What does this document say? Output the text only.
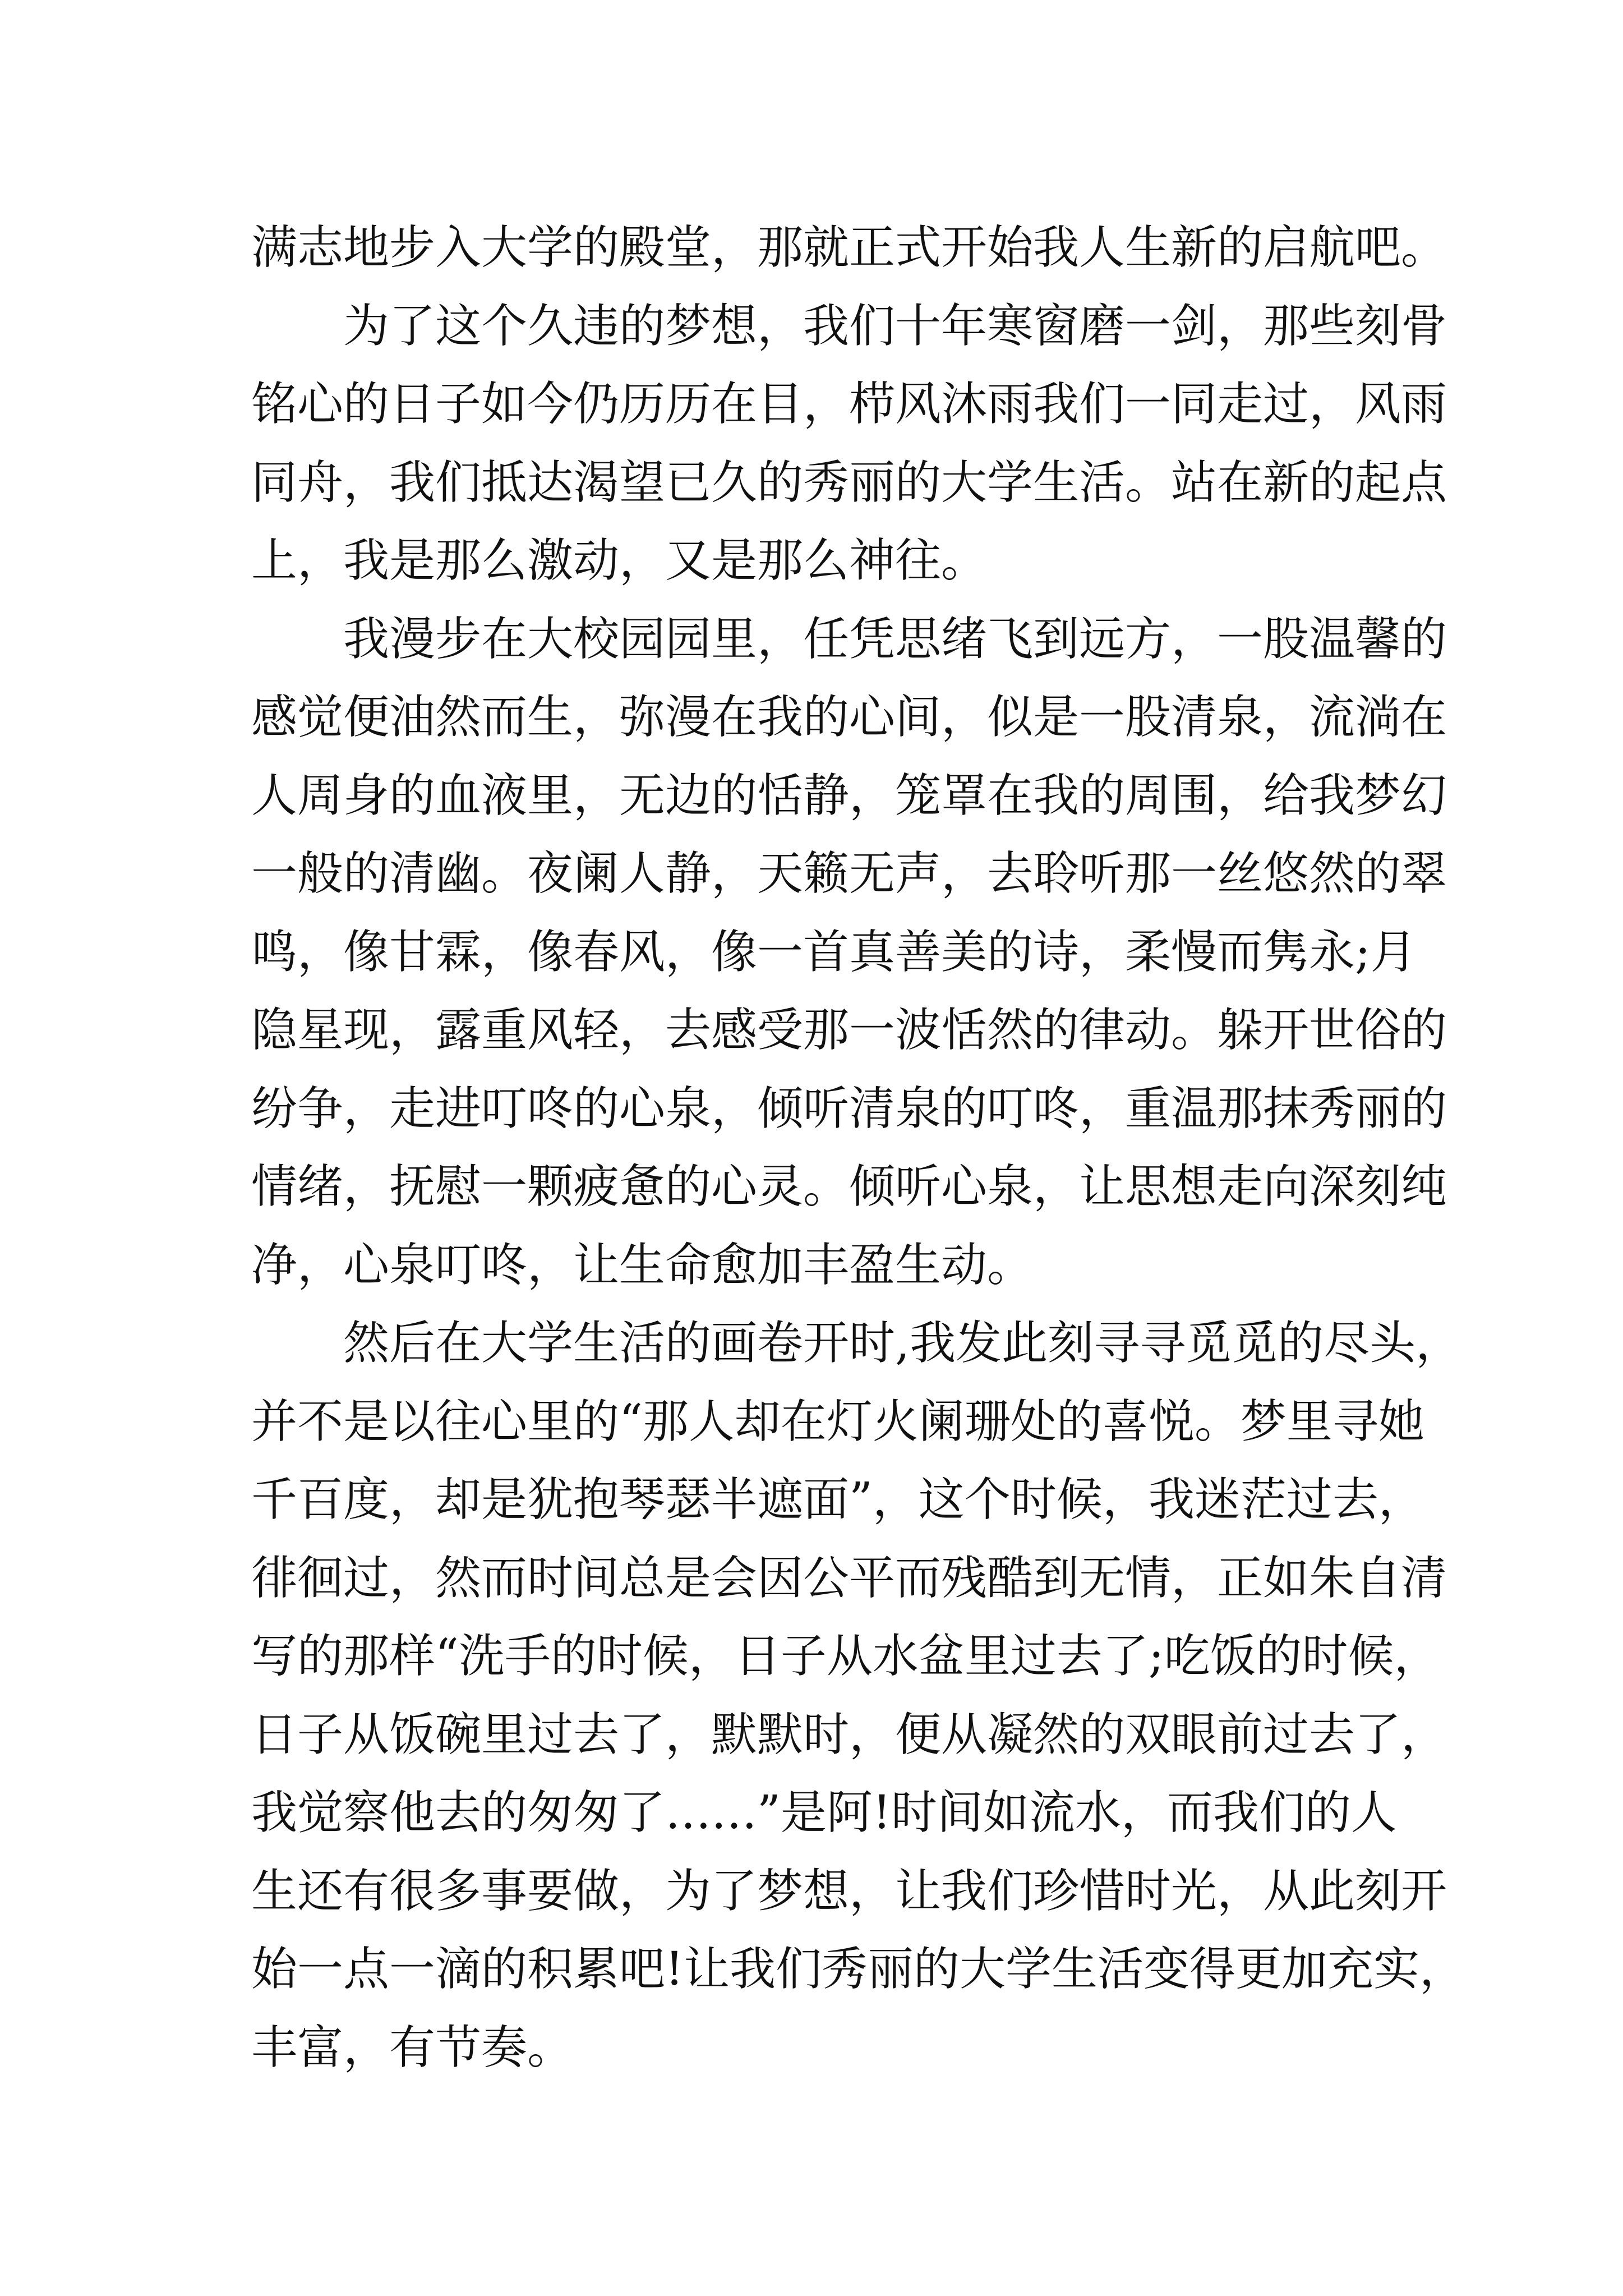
满志地步入大学的殿堂，那就正式开始我人生新的启航吧。
为了这个久违的梦想，我们十年寒窗磨一剑，那些刻骨
铭心的日子如今仍历历在目，栉风沐雨我们一同走过，风雨
同舟，我们抵达渴望已久的秀丽的大学生活。站在新的起点
上，我是那么激动，又是那么神往。
我漫步在大校园园里，任凭思绪飞到远方，一股温馨的
感觉便油然而生，弥漫在我的心间，似是一股清泉，流淌在
人周身的血液里，无边的恬静，笼罩在我的周围，给我梦幻
一般的清幽。夜阑人静，天籁无声，去聆听那一丝悠然的翠
鸣，像甘霖，像春风，像一首真善美的诗，柔慢而隽永;月
隐星现，露重风轻，去感受那一波恬然的律动。躲开世俗的
纷争，走进叮咚的心泉，倾听清泉的叮咚，重温那抹秀丽的
情绪，抚慰一颗疲惫的心灵。倾听心泉，让思想走向深刻纯
净，心泉叮咚，让生命愈加丰盈生动。
然后在大学生活的画卷开时,我发此刻寻寻觅觅的尽头，
并不是以往心里的“那人却在灯火阑珊处的喜悦。梦里寻她
千百度，却是犹抱琴瑟半遮面”，这个时候，我迷茫过去，
徘徊过，然而时间总是会因公平而残酷到无情，正如朱自清
写的那样“洗手的时候，日子从水盆里过去了;吃饭的时候，
日子从饭碗里过去了，默默时，便从凝然的双眼前过去了，
我觉察他去的匆匆了……”是阿!时间如流水，而我们的人
生还有很多事要做，为了梦想，让我们珍惜时光，从此刻开
始一点一滴的积累吧!让我们秀丽的大学生活变得更加充实，
丰富，有节奏。
